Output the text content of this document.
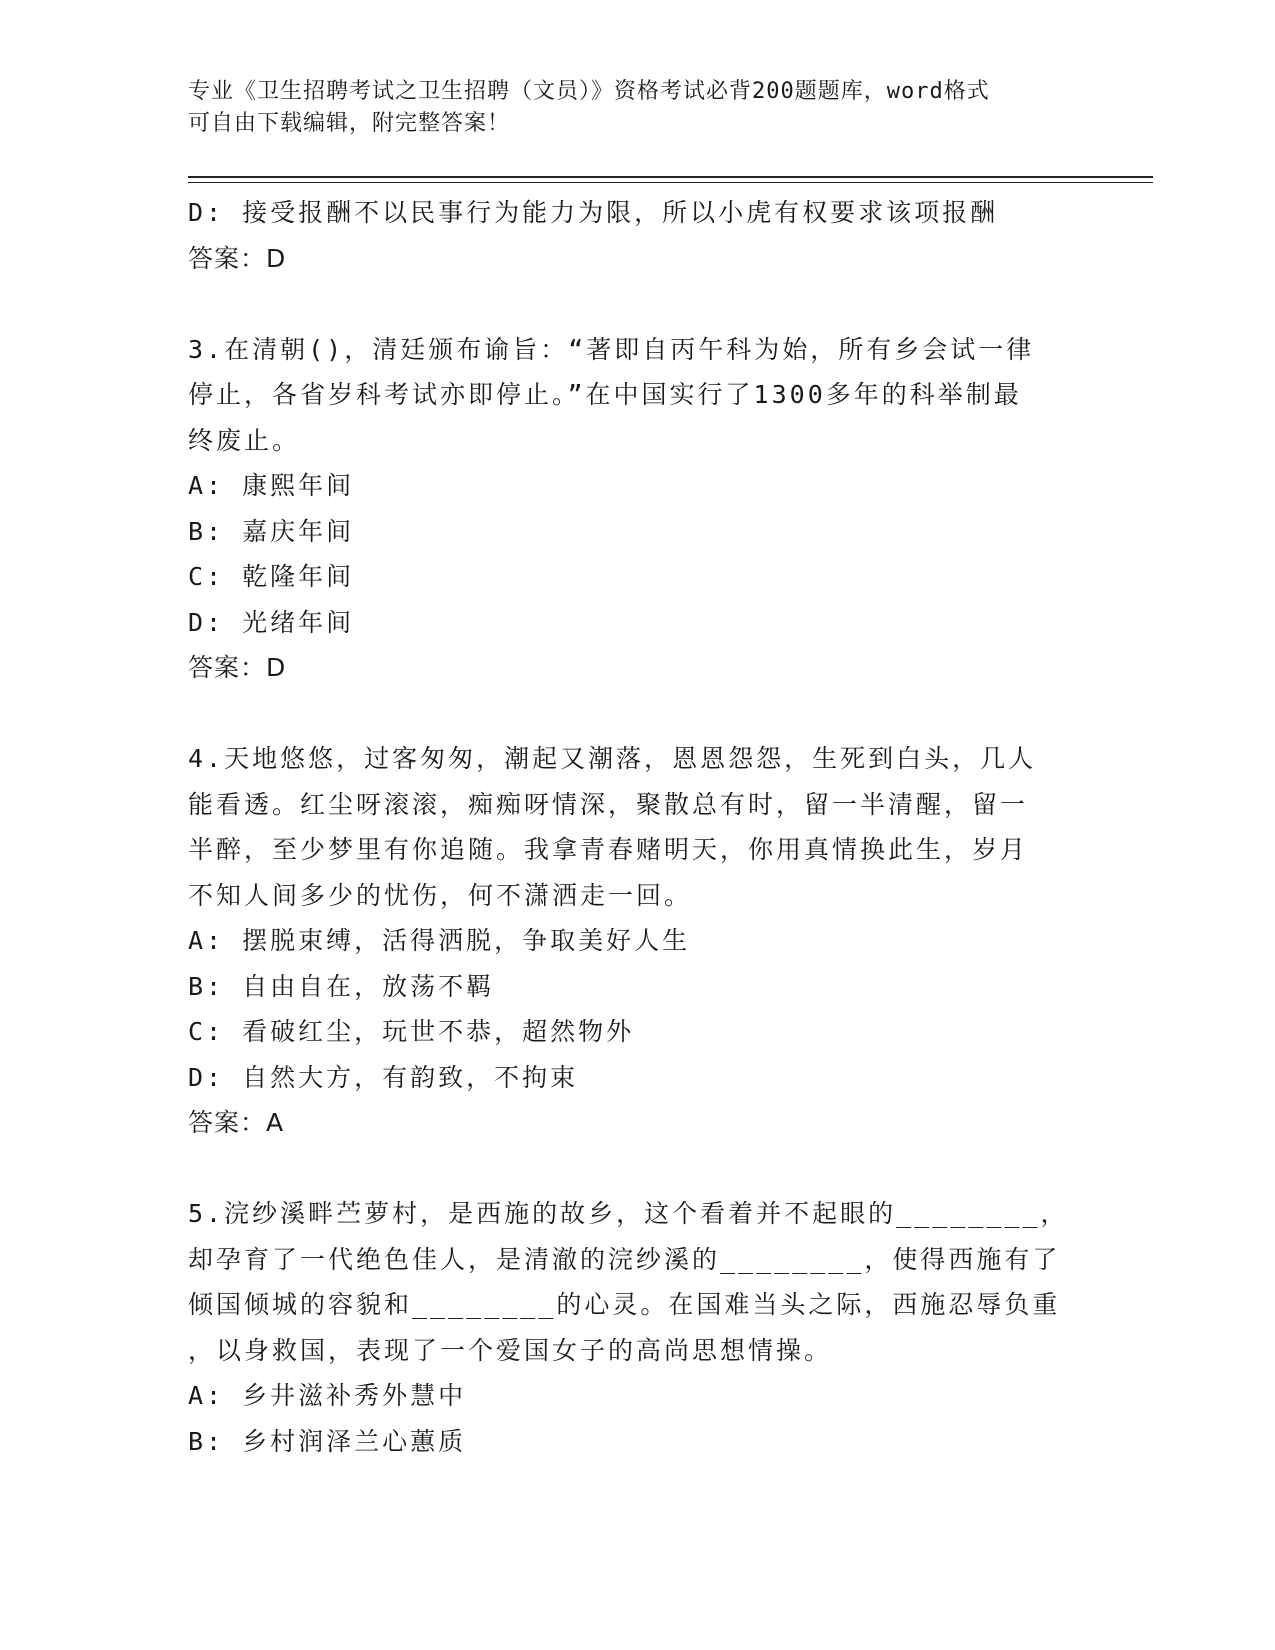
专业《卫生招聘考试之卫生招聘（文员）》资格考试必背200题题库，word格式
可自由下载编辑，附完整答案！
D: 接受报酬不以民事行为能力为限，所以小虎有权要求该项报酬
答案：D
3.在清朝()，清廷颁布谕旨：“著即自丙午科为始，所有乡会试一律
停止，各省岁科考试亦即停止。”在中国实行了1300多年的科举制最
终废止。
A: 康熙年间
B: 嘉庆年间
C: 乾隆年间
D: 光绪年间
答案：D
4.天地悠悠，过客匆匆，潮起又潮落，恩恩怨怨，生死到白头，几人
能看透。红尘呀滚滚，痴痴呀情深，聚散总有时，留一半清醒，留一
半醉，至少梦里有你追随。我拿青春赌明天，你用真情换此生，岁月
不知人间多少的忧伤，何不潇洒走一回。
A: 摆脱束缚，活得洒脱，争取美好人生
B: 自由自在，放荡不羁
C: 看破红尘，玩世不恭，超然物外
D: 自然大方，有韵致，不拘束
答案：A
5.浣纱溪畔苎萝村，是西施的故乡，这个看着并不起眼的________，
却孕育了一代绝色佳人，是清澈的浣纱溪的________，使得西施有了
倾国倾城的容貌和________的心灵。在国难当头之际，西施忍辱负重
，以身救国，表现了一个爱国女子的高尚思想情操。
A: 乡井滋补秀外慧中
B: 乡村润泽兰心蕙质
